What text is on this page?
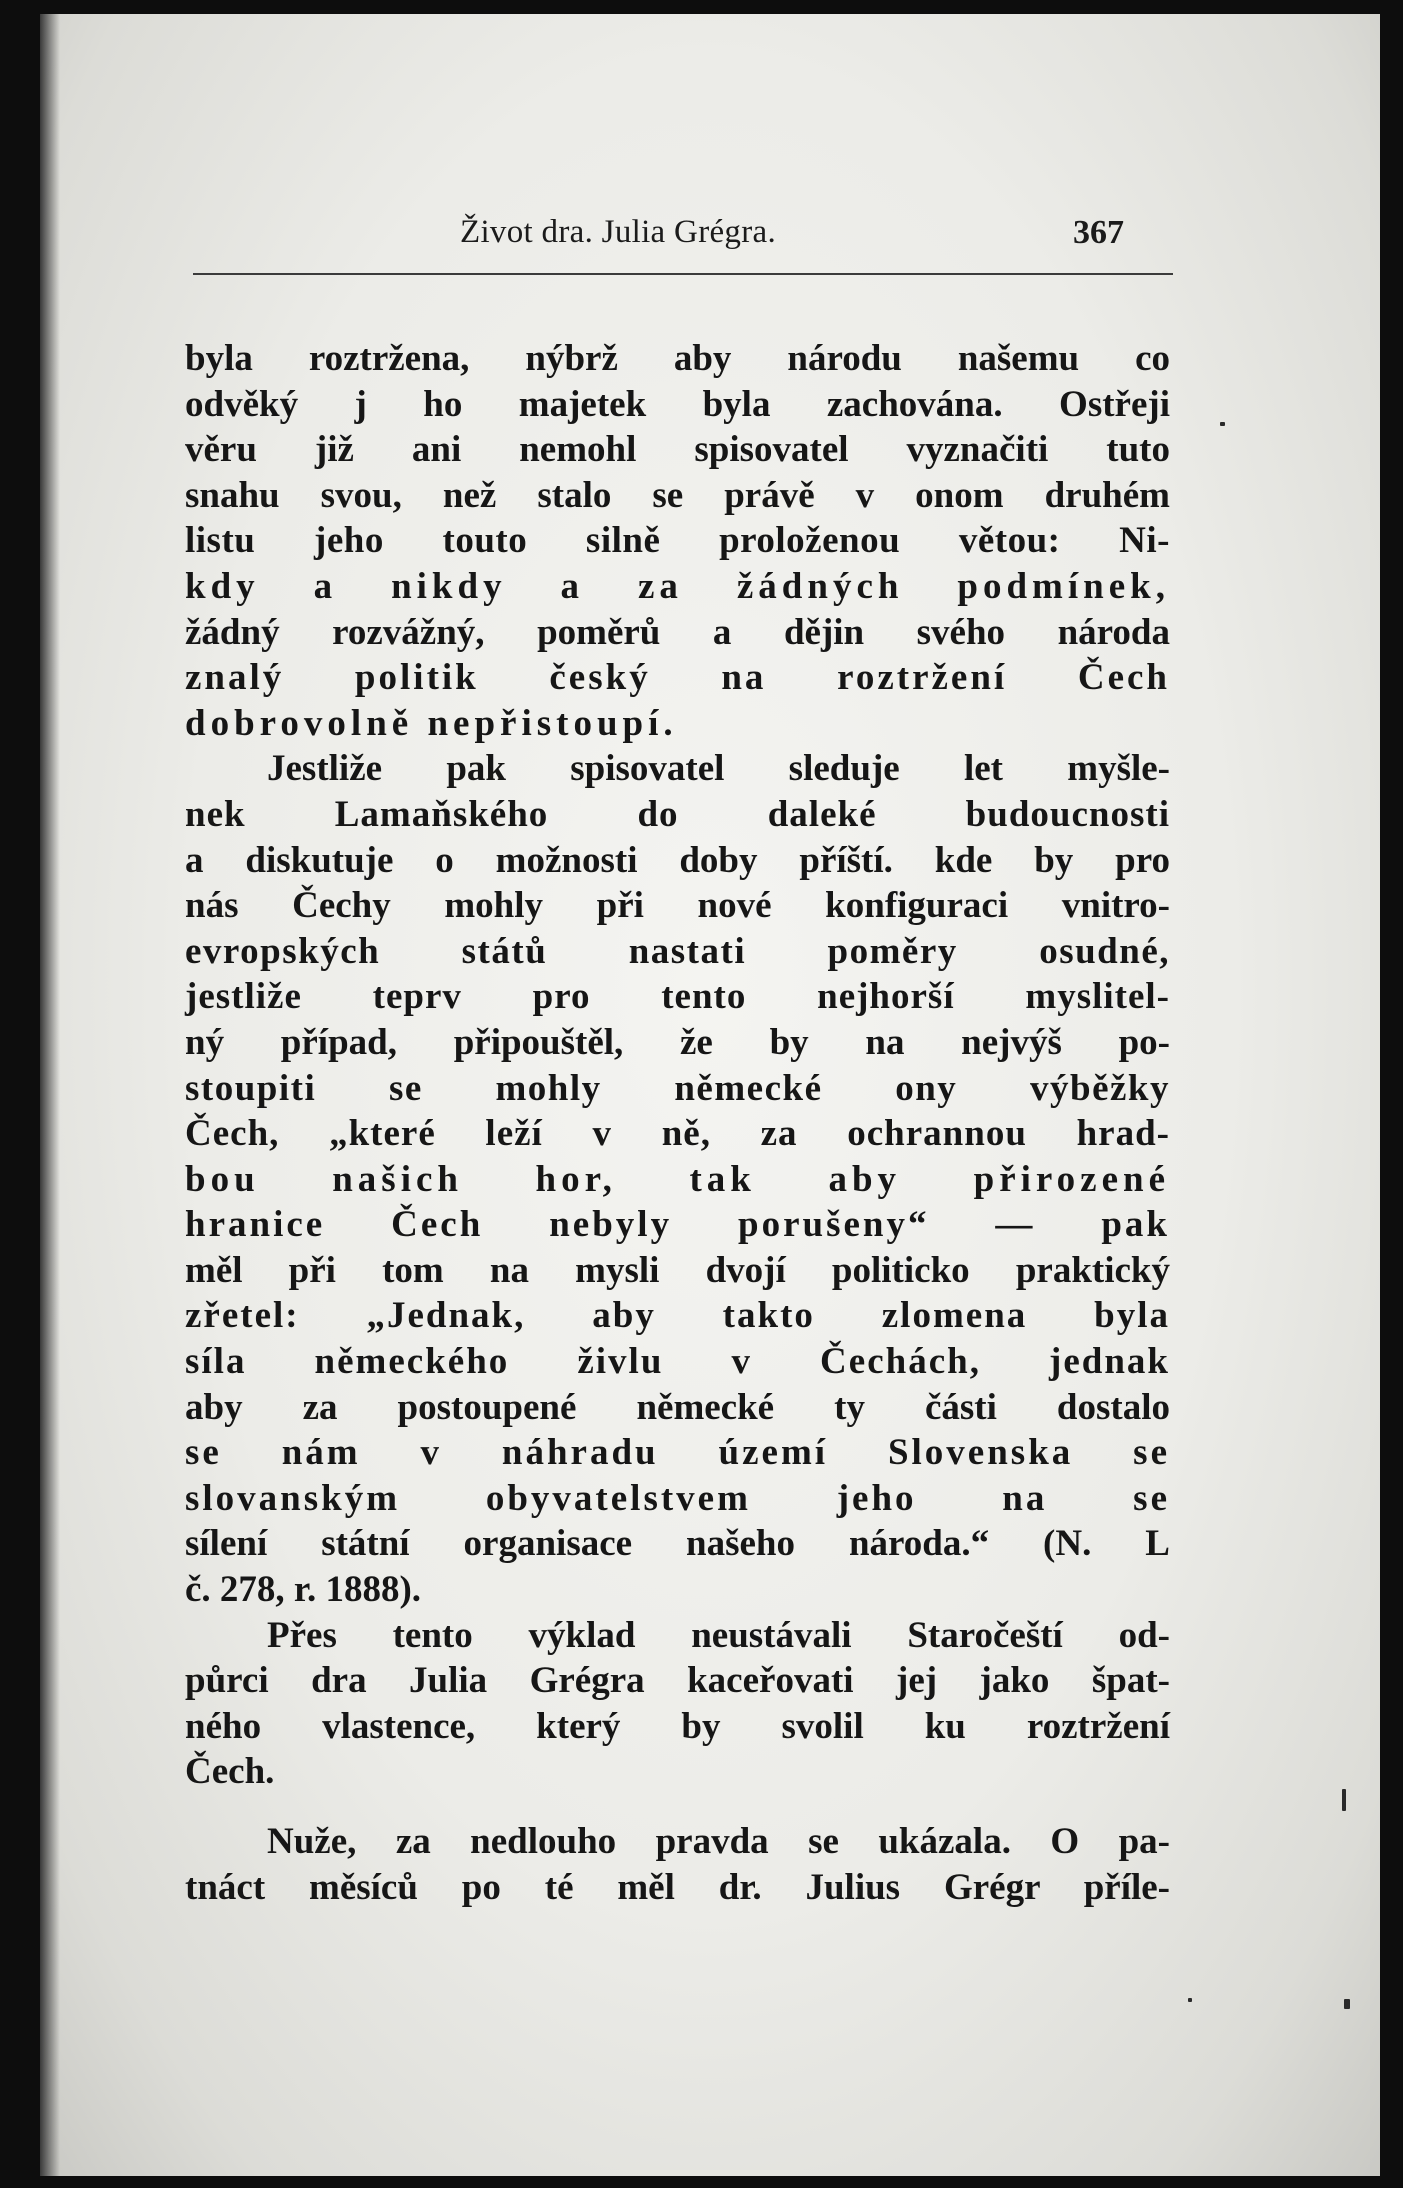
Život dra. Julia Grégra.	367
byla roztržena, nýbrž aby národu našemu co
odvěký j ho majetek byla zachována. Ostřeji
věru již ani nemohl spisovatel vyznačiti tuto
snahu svou, než stalo se právě v onom druhém
listu jeho touto silně proloženou větou: Ni-
kdy a nikdy a za žádných podmínek,
žádný rozvážný, poměrů a dějin svého národa
znalý politik český na roztržení Čech
dobrovolně nepřistoupí.
Jestliže pak spisovatel sleduje let myšle-
nek Lamaňského do daleké budoucnosti
a diskutuje o možnosti doby příští. kde by pro
nás Čechy mohly při nové konfiguraci vnitro-
evropských států nastati poměry osudné,
jestliže teprv pro tento nejhorší myslitel-
ný případ, připouštěl, že by na nejvýš po-
stoupiti se mohly německé ony výběžky
Čech, „které leží v ně, za ochrannou hrad-
bou našich hor, tak aby přirozené
hranice Čech nebyly porušeny“ — pak
měl při tom na mysli dvojí politicko praktický
zřetel: „Jednak, aby takto zlomena byla
síla německého živlu v Čechách, jednak
aby za postoupené německé ty části dostalo
se nám v náhradu území Slovenska se
slovanským obyvatelstvem jeho na se
sílení státní organisace našeho národa.“ (N. L
č. 278, r. 1888).
Přes tento výklad neustávali Staročeští od-
půrci dra Julia Grégra kaceřovati jej jako špat-
ného vlastence, který by svolil ku roztržení
Čech.
Nuže, za nedlouho pravda se ukázala. O pa-
tnáct měsíců po té měl dr. Julius Grégr příle-
